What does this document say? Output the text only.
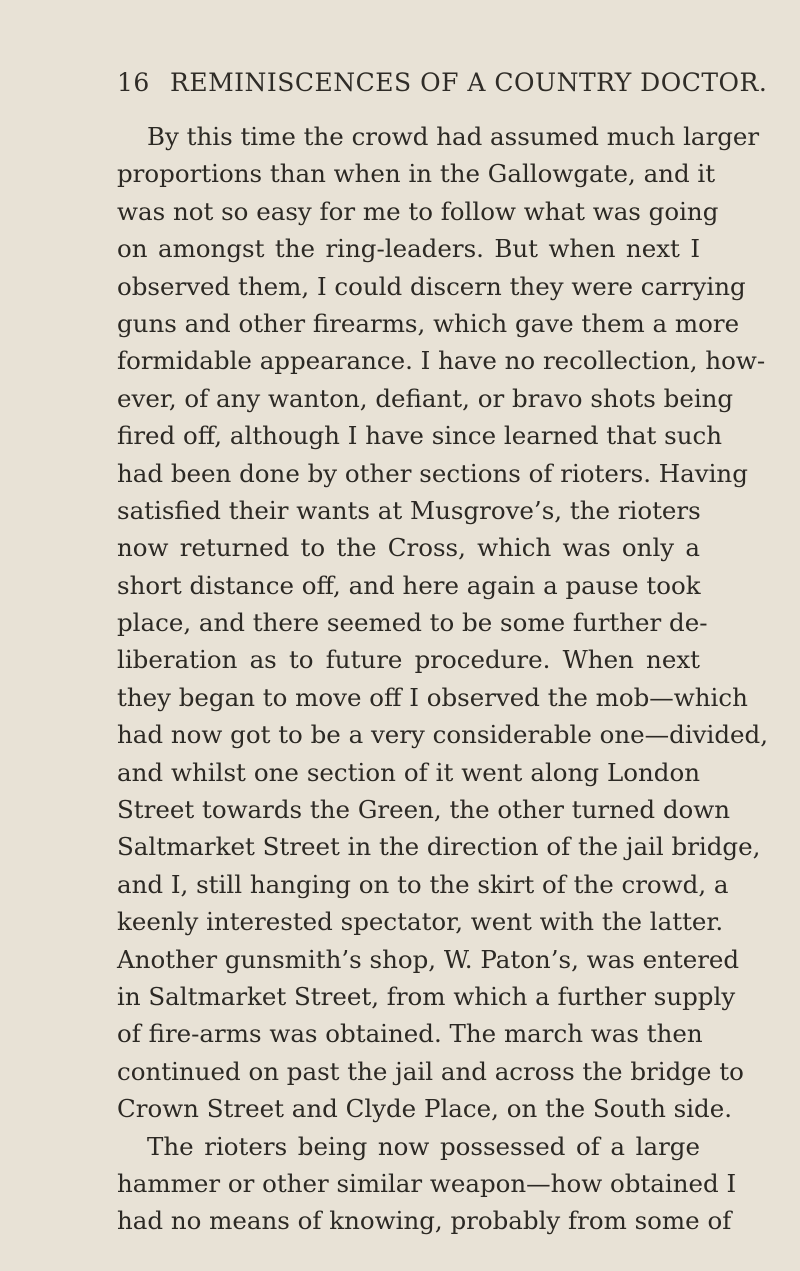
16 REMINISCENCES OF A COUNTRY DOCTOR.
By this time the crowd had assumed much larger
proportions than when in the Gallowgate, and it
was not so easy for me to follow what was going
on amongst the ring-leaders. But when next I
observed them, I could discern they were carrying
guns and other firearms, which gave them a more
formidable appearance. I have no recollection, how-
ever, of any wanton, defiant, or bravo shots being
fired off, although I have since learned that such
had been done by other sections of rioters. Having
satisfied their wants at Musgrove’s, the rioters
now returned to the Cross, which was only a
short distance off, and here again a pause took
place, and there seemed to be some further de-
liberation as to future procedure. When next
they began to move off I observed the mob—which
had now got to be a very considerable one—divided,
and whilst one section of it went along London
Street towards the Green, the other turned down
Saltmarket Street in the direction of the jail bridge,
and I, still hanging on to the skirt of the crowd, a
keenly interested spectator, went with the latter.
Another gunsmith’s shop, W. Paton’s, was entered
in Saltmarket Street, from which a further supply
of fire-arms was obtained. The march was then
continued on past the jail and across the bridge to
Crown Street and Clyde Place, on the South side.
The rioters being now possessed of a large
hammer or other similar weapon—how obtained I
had no means of knowing, probably from some of
